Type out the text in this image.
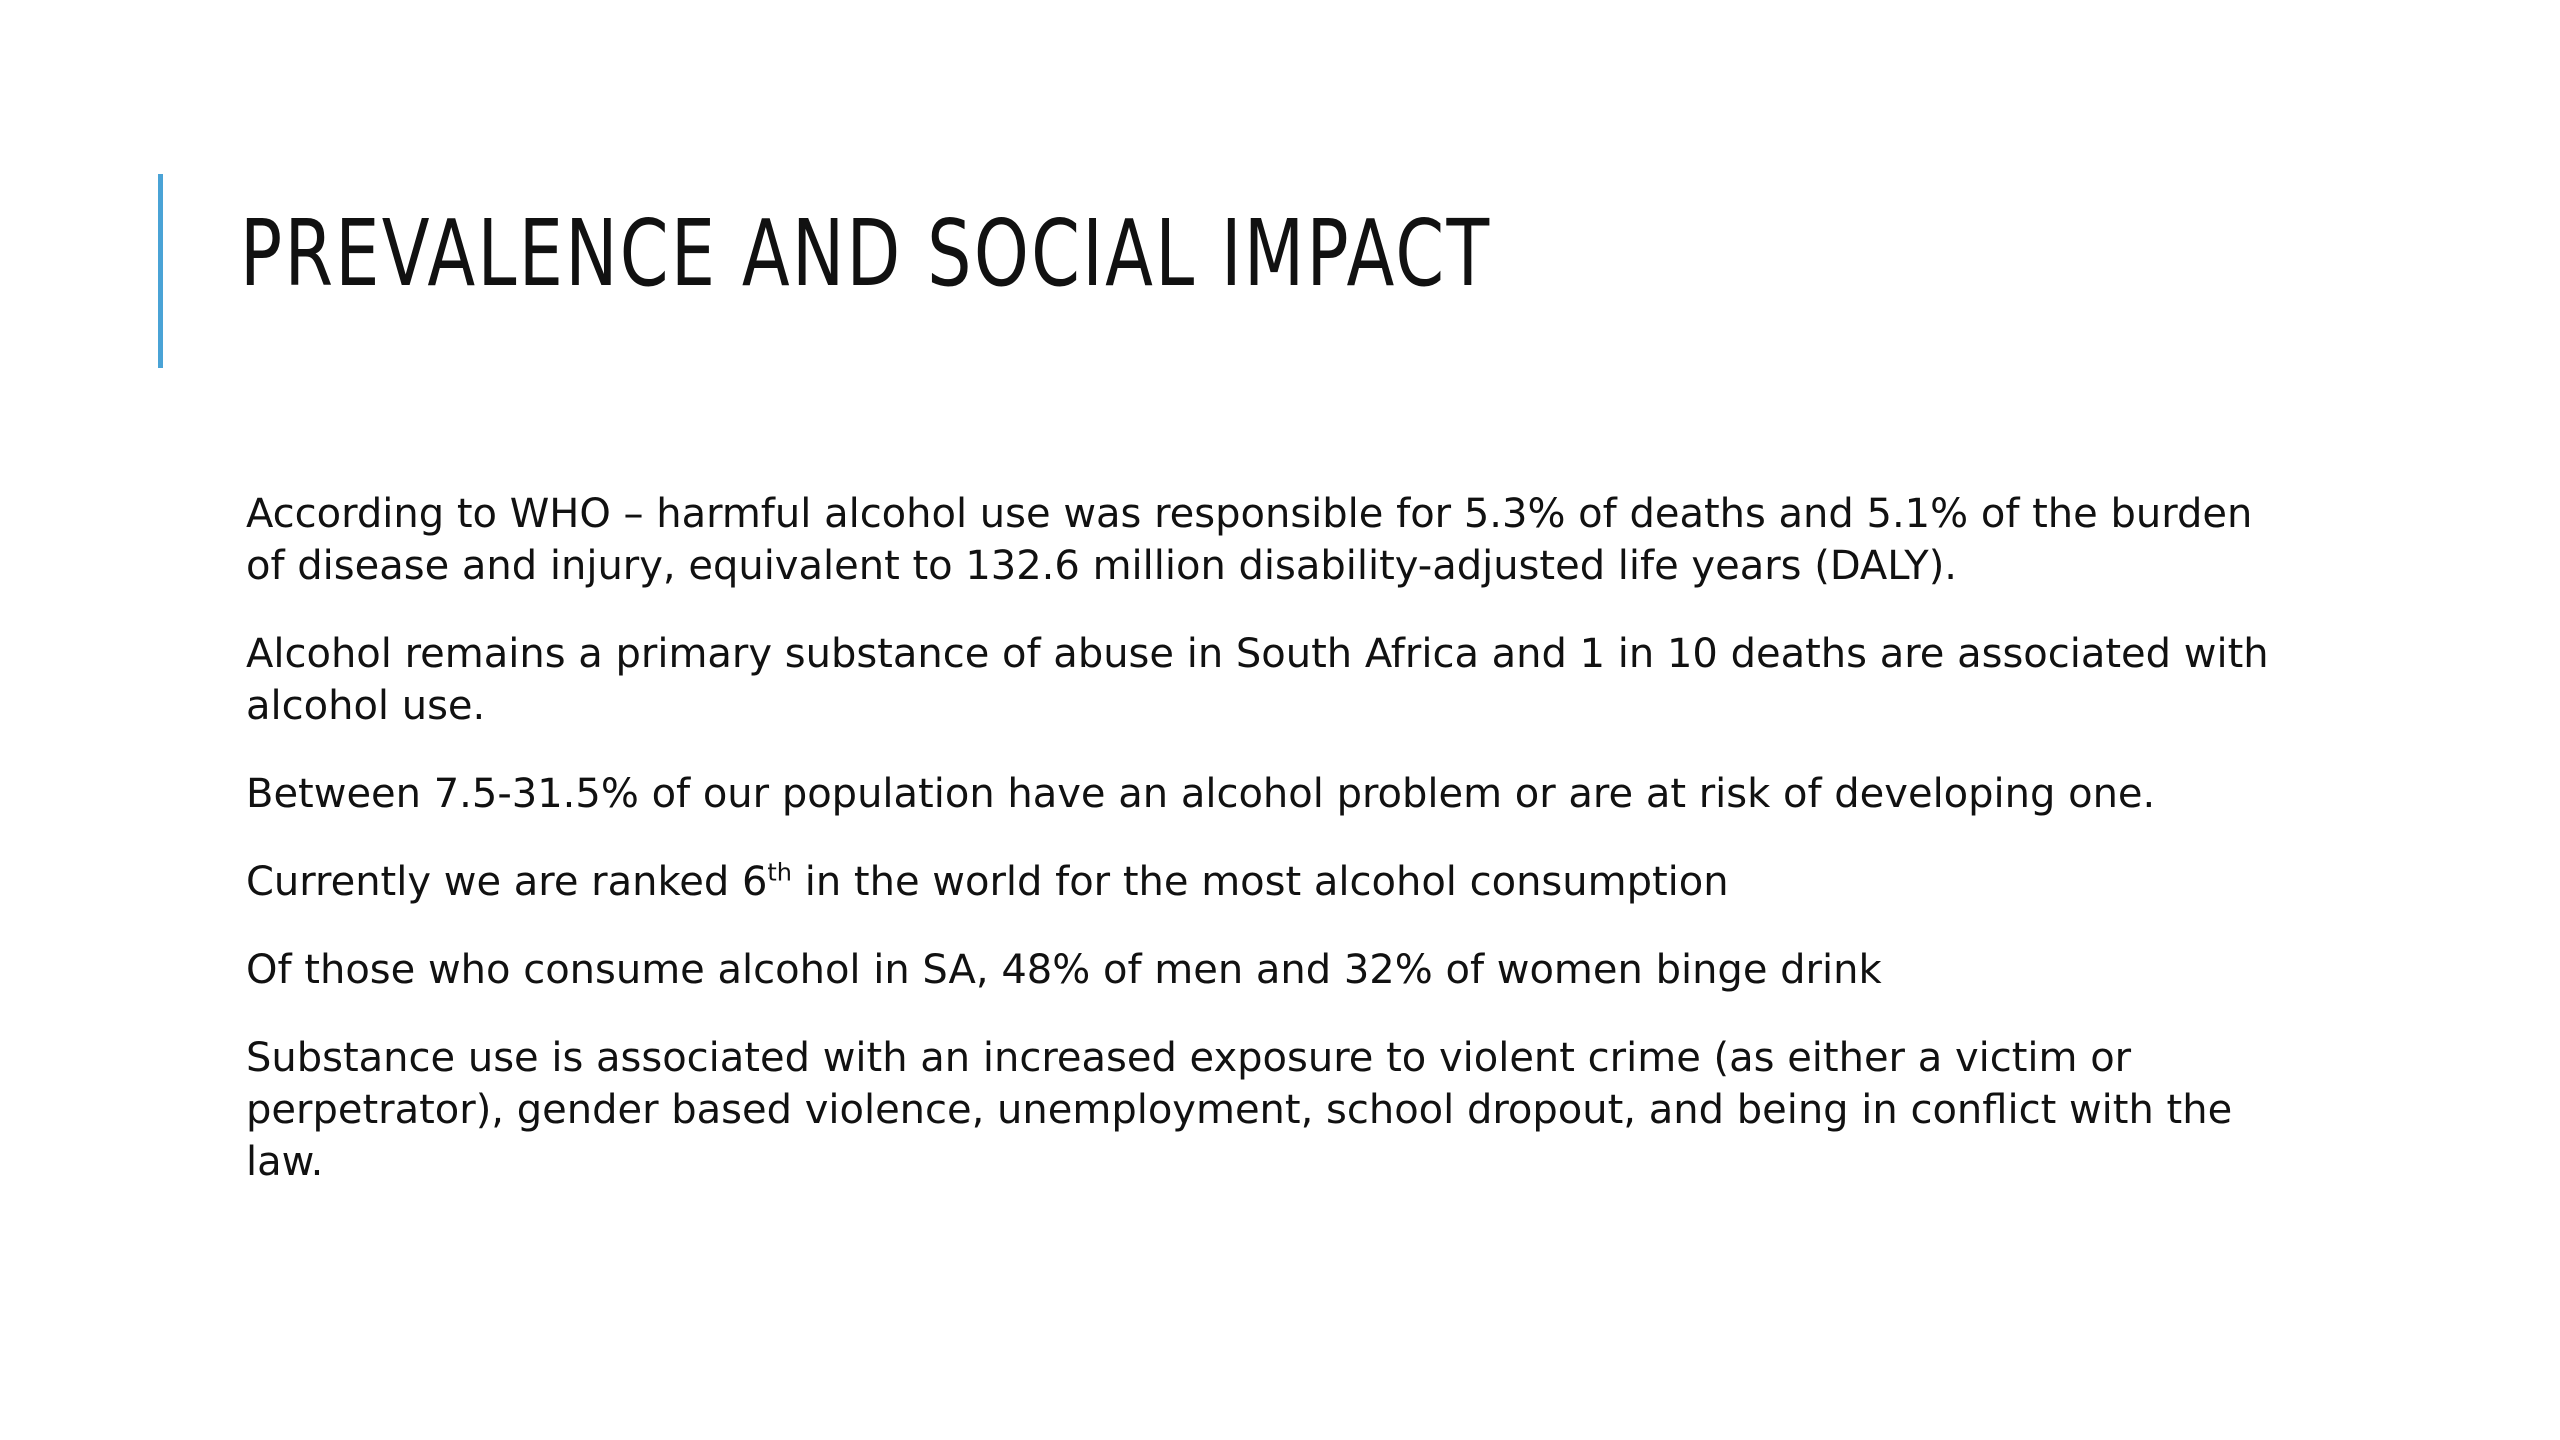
PREVALENCE AND SOCIAL IMPACT

According to WHO – harmful alcohol use was responsible for 5.3% of deaths and 5.1% of the burden of disease and injury, equivalent to 132.6 million disability-adjusted life years (DALY).

Alcohol remains a primary substance of abuse in South Africa and 1 in 10 deaths are associated with alcohol use.

Between 7.5-31.5% of our population have an alcohol problem or are at risk of developing one.

Currently we are ranked 6th in the world for the most alcohol consumption

Of those who consume alcohol in SA, 48% of men and 32% of women binge drink

Substance use is associated with an increased exposure to violent crime (as either a victim or perpetrator), gender based violence, unemployment, school dropout, and being in conflict with the law.
